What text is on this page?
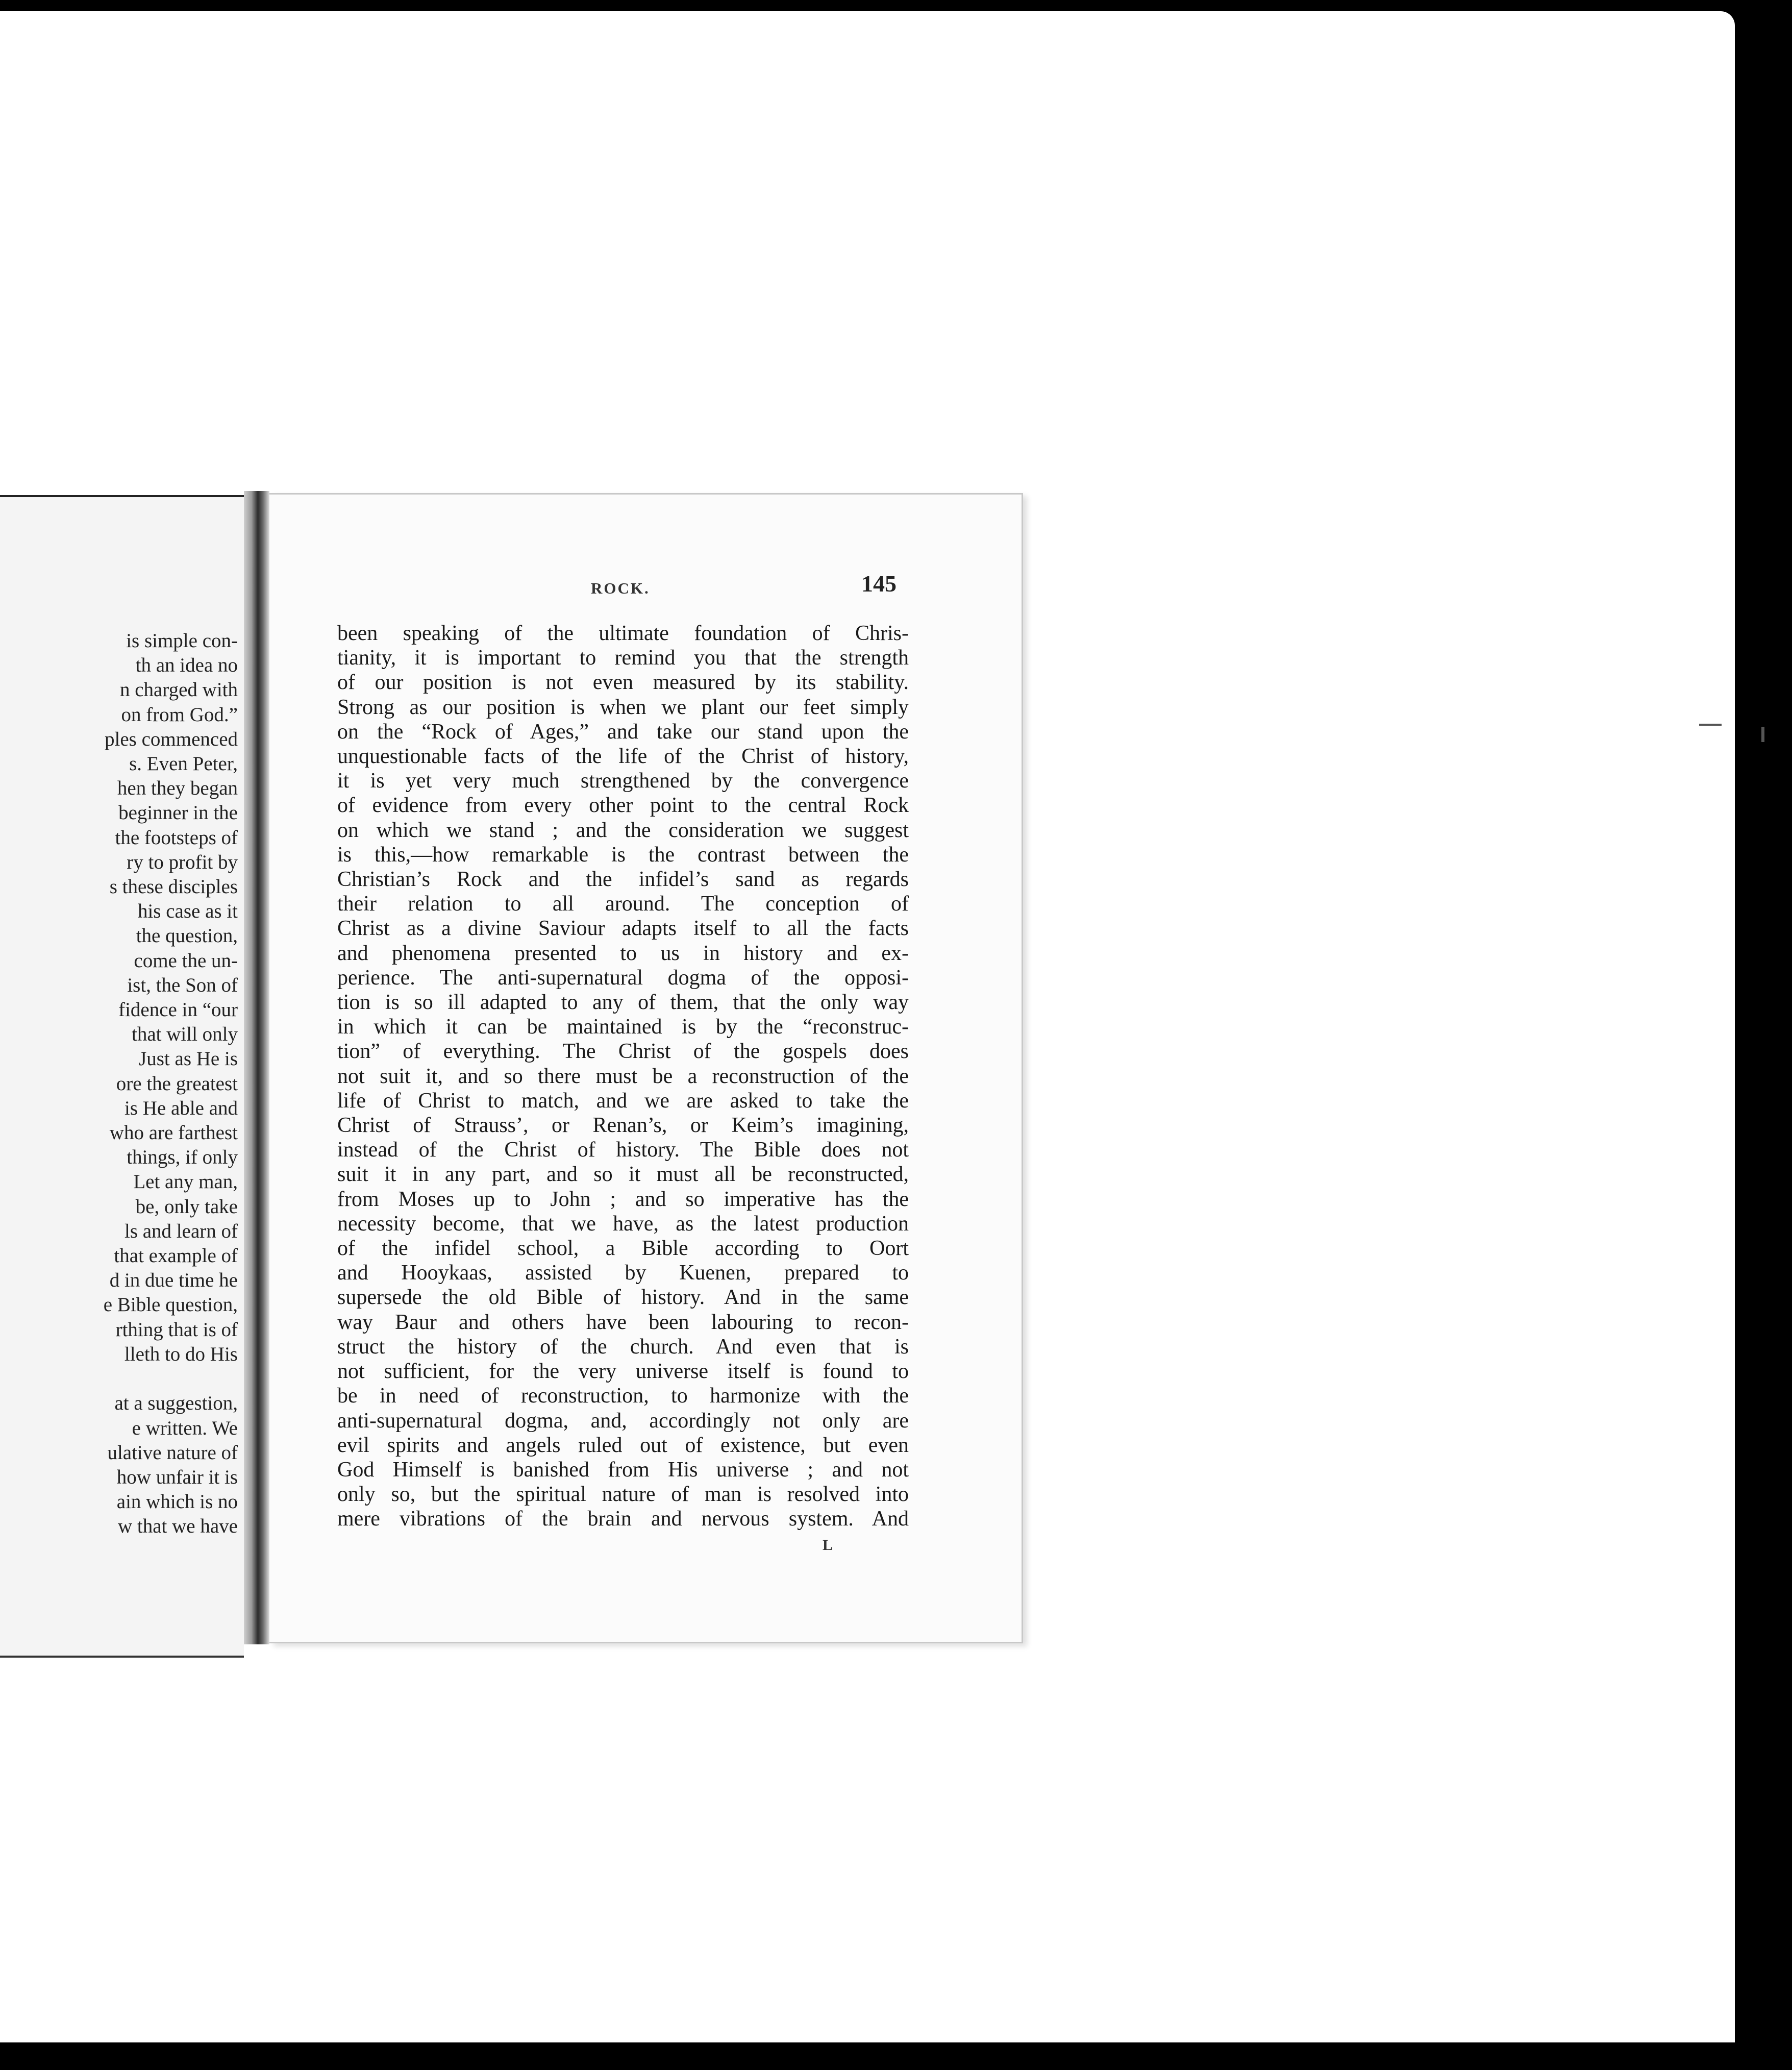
is simple con-
th an idea no
n charged with
on from God.”
ples commenced
s. Even Peter,
hen they began
beginner in the
the footsteps of
ry to profit by
s these disciples
his case as it
the question,
come the un-
ist, the Son of
fidence in “our
that will only
Just as He is
ore the greatest
is He able and
who are farthest
things, if only
Let any man,
be, only take
ls and learn of
that example of
d in due time he
e Bible question,
rthing that is of
lleth to do His

at a suggestion,
e written. We
ulative nature of
how unfair it is
ain which is no
w that we have
ROCK.	145
been speaking of the ultimate foundation of Chris-
tianity, it is important to remind you that the strength
of our position is not even measured by its stability.
Strong as our position is when we plant our feet simply
on the “Rock of Ages,” and take our stand upon the
unquestionable facts of the life of the Christ of history,
it is yet very much strengthened by the convergence
of evidence from every other point to the central Rock
on which we stand ; and the consideration we suggest
is this,—how remarkable is the contrast between the
Christian’s Rock and the infidel’s sand as regards
their relation to all around. The conception of
Christ as a divine Saviour adapts itself to all the facts
and phenomena presented to us in history and ex-
perience. The anti-supernatural dogma of the opposi-
tion is so ill adapted to any of them, that the only way
in which it can be maintained is by the “reconstruc-
tion” of everything. The Christ of the gospels does
not suit it, and so there must be a reconstruction of the
life of Christ to match, and we are asked to take the
Christ of Strauss’, or Renan’s, or Keim’s imagining,
instead of the Christ of history. The Bible does not
suit it in any part, and so it must all be reconstructed,
from Moses up to John ; and so imperative has the
necessity become, that we have, as the latest production
of the infidel school, a Bible according to Oort
and Hooykaas, assisted by Kuenen, prepared to
supersede the old Bible of history. And in the same
way Baur and others have been labouring to recon-
struct the history of the church. And even that is
not sufficient, for the very universe itself is found to
be in need of reconstruction, to harmonize with the
anti-supernatural dogma, and, accordingly not only are
evil spirits and angels ruled out of existence, but even
God Himself is banished from His universe ; and not
only so, but the spiritual nature of man is resolved into
mere vibrations of the brain and nervous system. And
L
